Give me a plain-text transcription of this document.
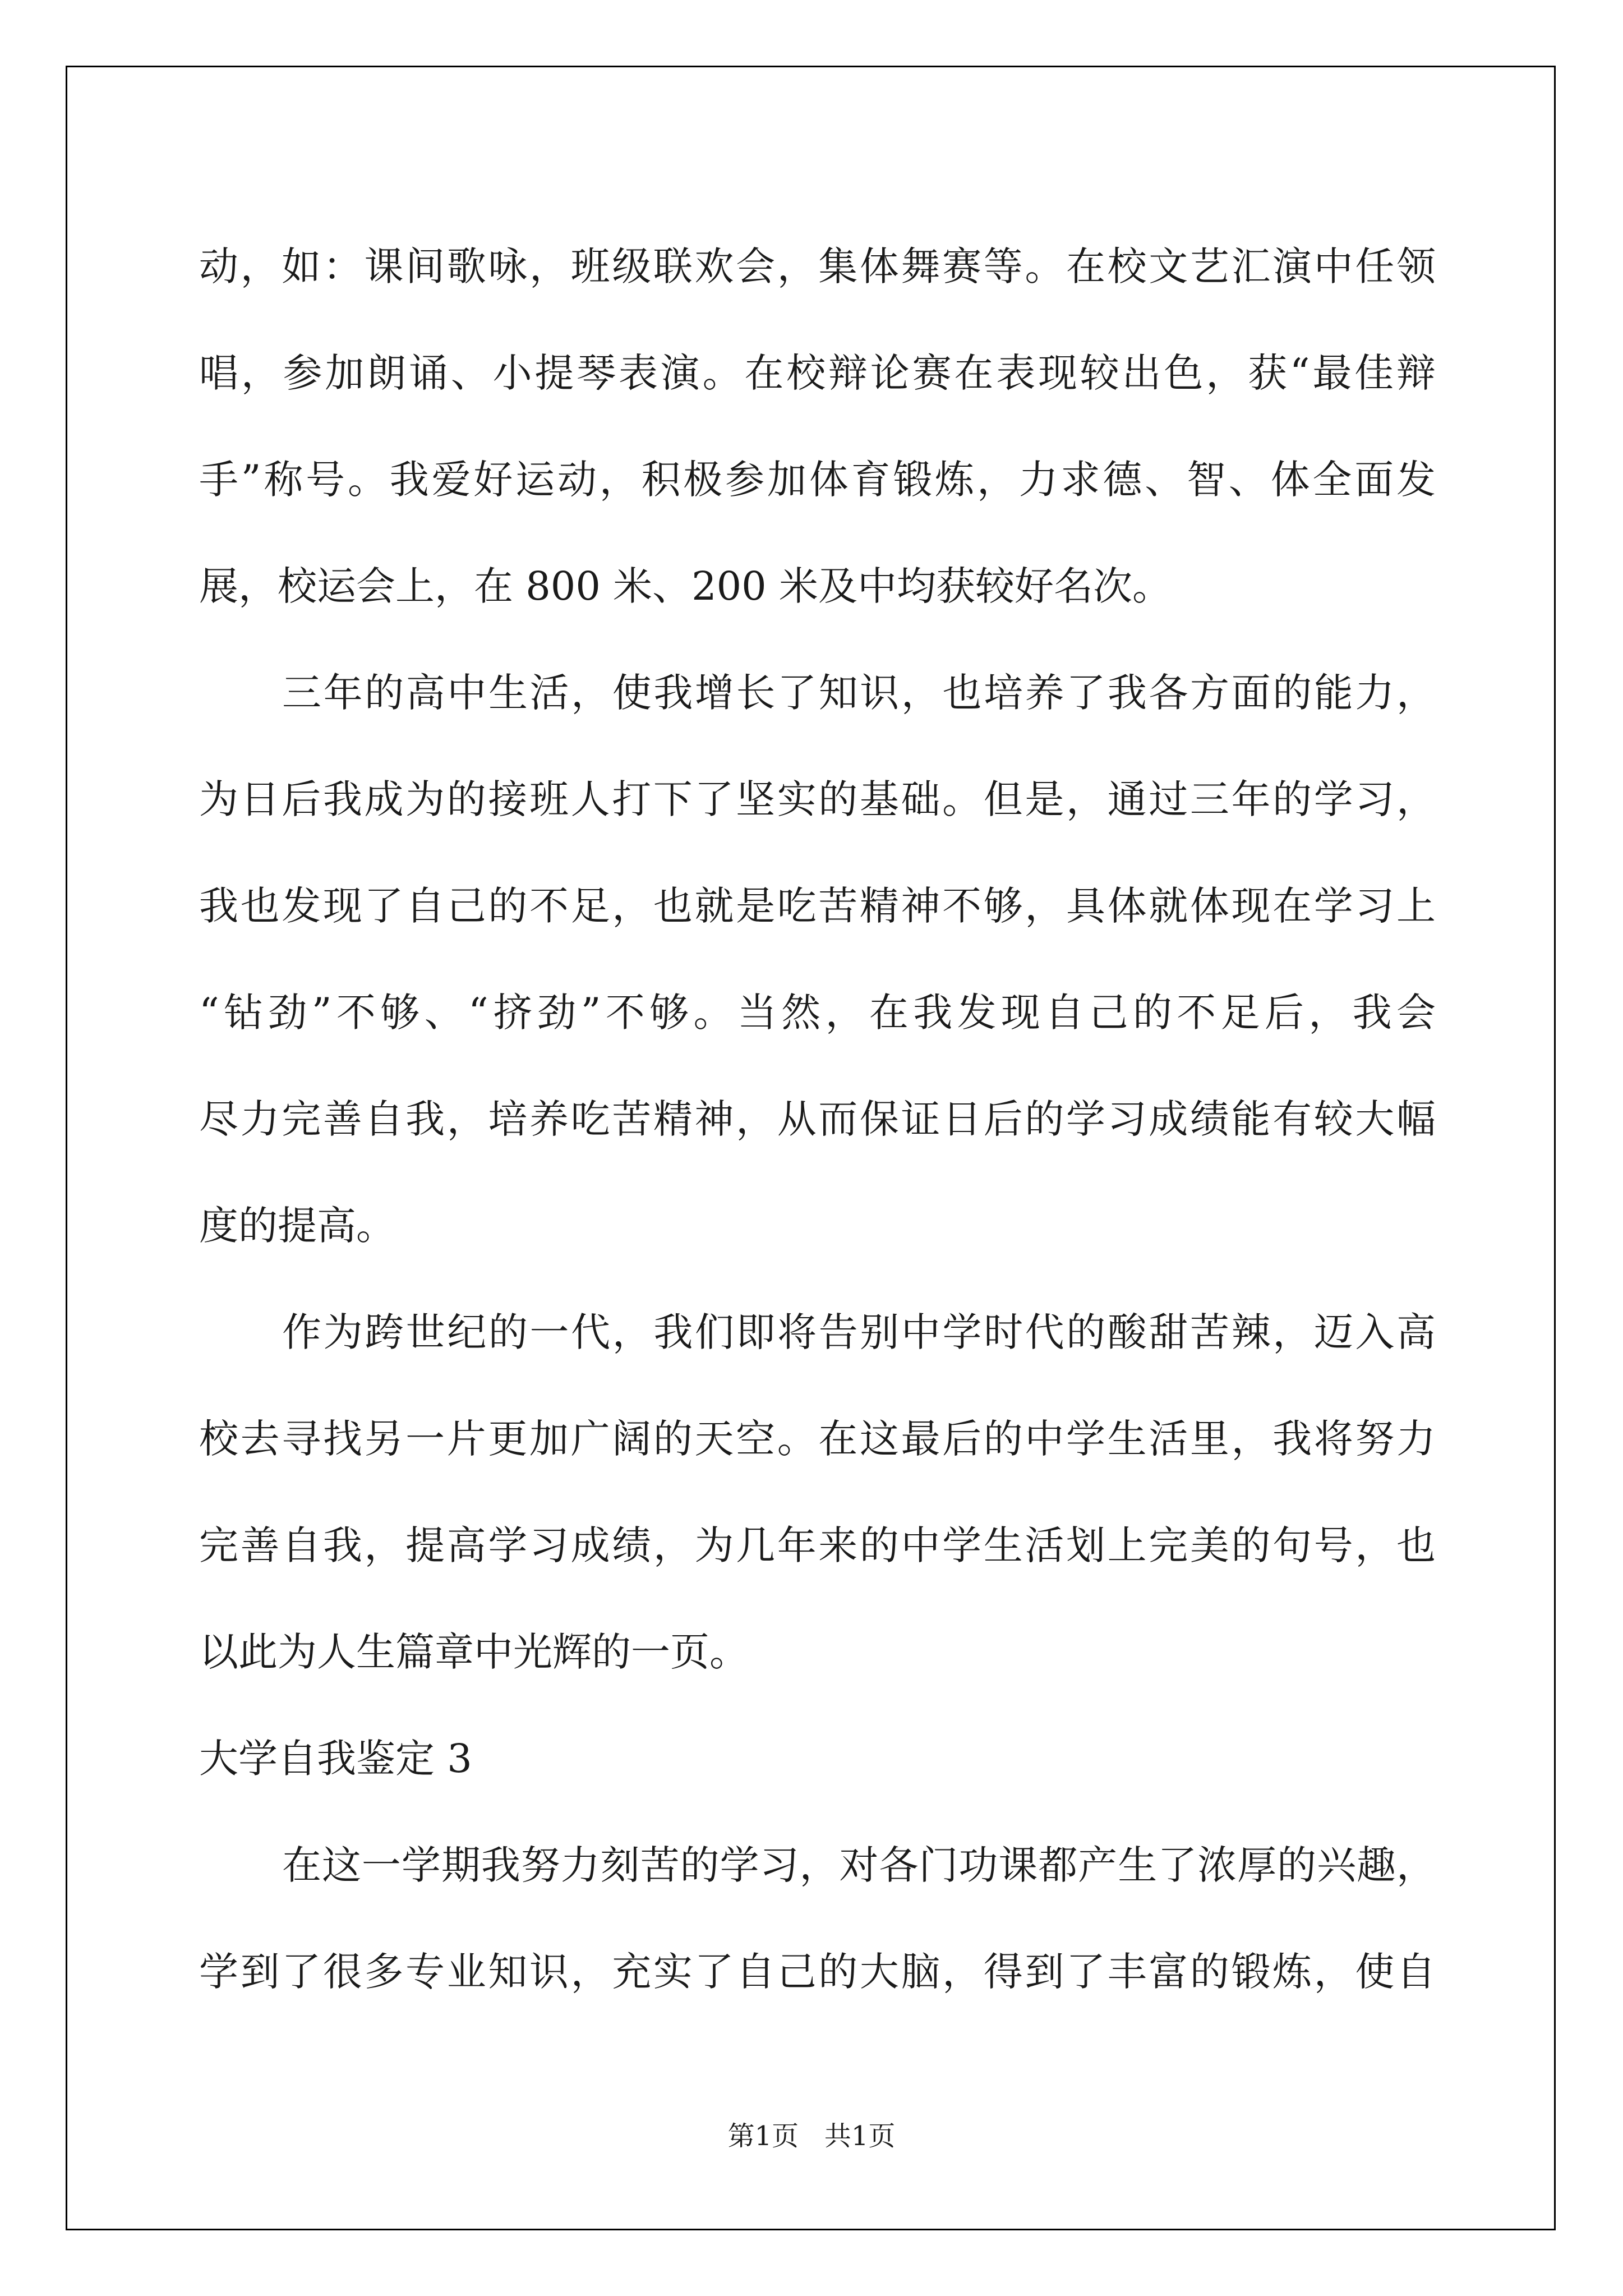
动，如：课间歌咏，班级联欢会，集体舞赛等。在校文艺汇演中任领
唱，参加朗诵、小提琴表演。在校辩论赛在表现较出色，获“最佳辩
手”称号。我爱好运动，积极参加体育锻炼，力求德、智、体全面发
展，校运会上，在 800 米、200 米及中均获较好名次。
三年的高中生活，使我增长了知识，也培养了我各方面的能力，
为日后我成为的接班人打下了坚实的基础。但是，通过三年的学习，
我也发现了自己的不足，也就是吃苦精神不够，具体就体现在学习上
“钻劲”不够、“挤劲”不够。当然，在我发现自己的不足后，我会
尽力完善自我，培养吃苦精神，从而保证日后的学习成绩能有较大幅
度的提高。
作为跨世纪的一代，我们即将告别中学时代的酸甜苦辣，迈入高
校去寻找另一片更加广阔的天空。在这最后的中学生活里，我将努力
完善自我，提高学习成绩，为几年来的中学生活划上完美的句号，也
以此为人生篇章中光辉的一页。
大学自我鉴定 3
在这一学期我努力刻苦的学习，对各门功课都产生了浓厚的兴趣，
学到了很多专业知识，充实了自己的大脑，得到了丰富的锻炼，使自
第1页 共1页
